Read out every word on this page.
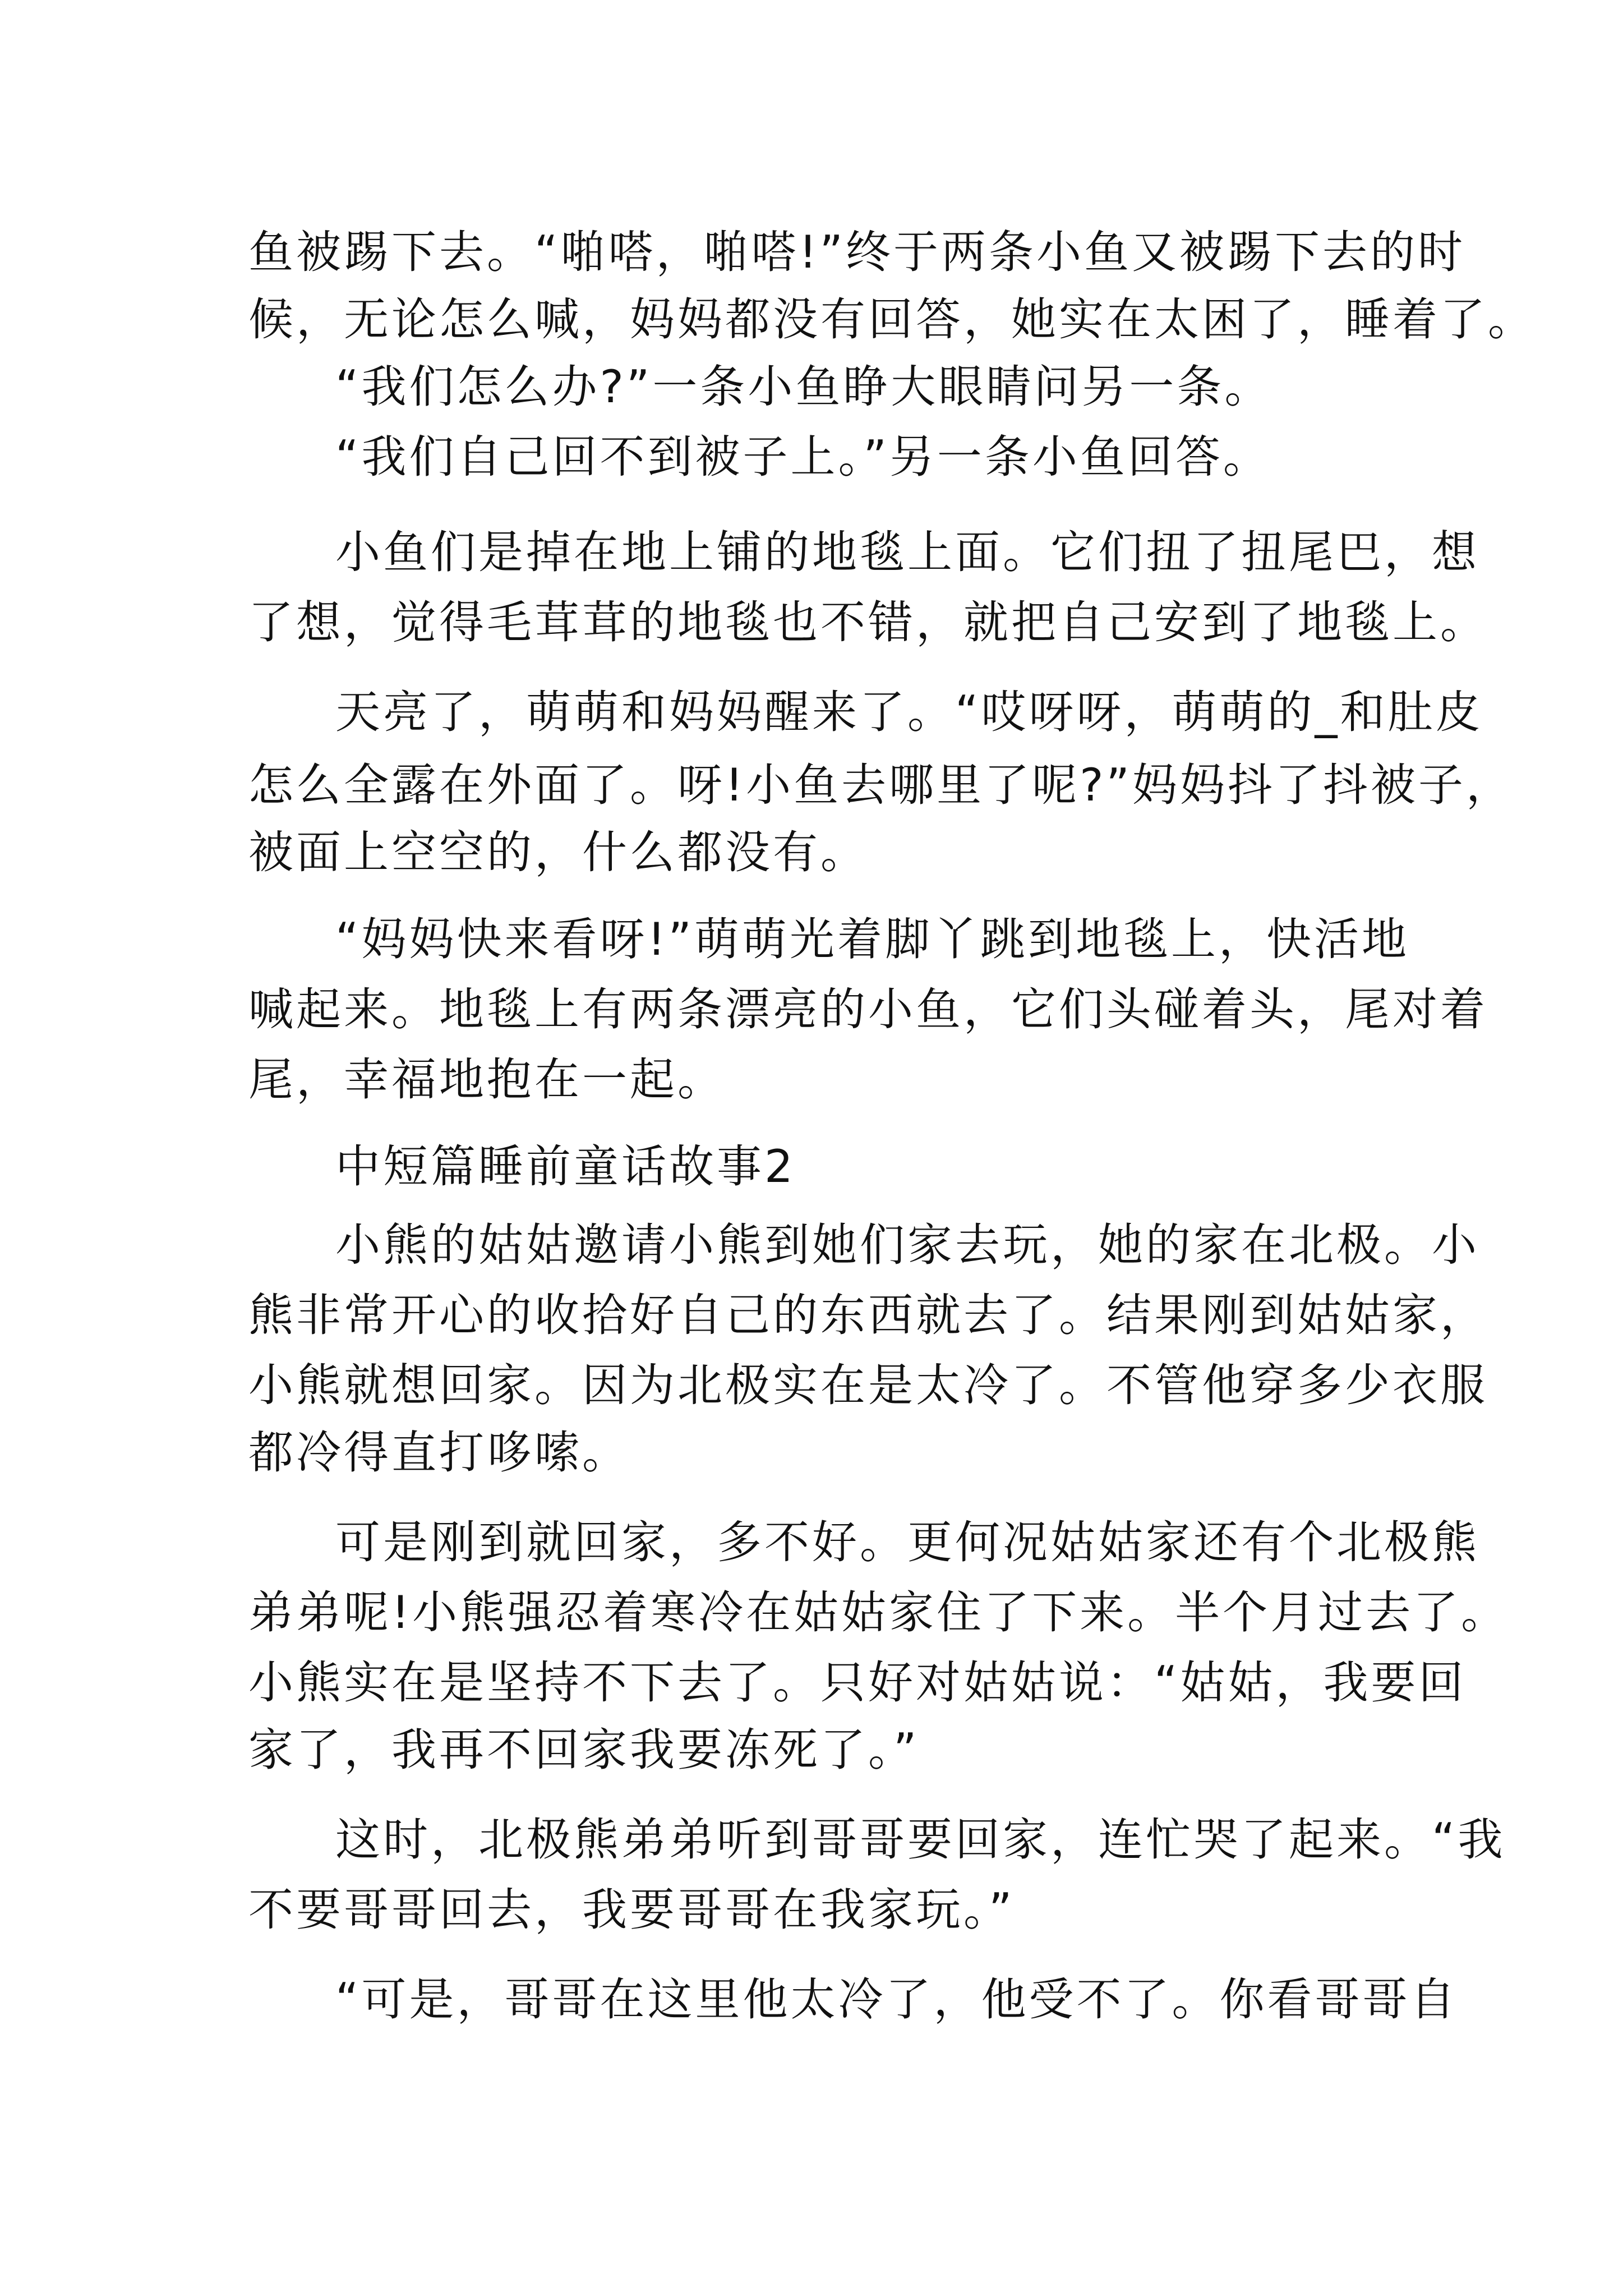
鱼被踢下去。“啪嗒，啪嗒!”终于两条小鱼又被踢下去的时
候，无论怎么喊，妈妈都没有回答，她实在太困了，睡着了。
“我们怎么办?”一条小鱼睁大眼睛问另一条。
“我们自己回不到被子上。”另一条小鱼回答。
小鱼们是掉在地上铺的地毯上面。它们扭了扭尾巴，想
了想，觉得毛茸茸的地毯也不错，就把自己安到了地毯上。
天亮了，萌萌和妈妈醒来了。“哎呀呀，萌萌的_和肚皮
怎么全露在外面了。呀!小鱼去哪里了呢?”妈妈抖了抖被子，
被面上空空的，什么都没有。
“妈妈快来看呀!”萌萌光着脚丫跳到地毯上，快活地
喊起来。地毯上有两条漂亮的小鱼，它们头碰着头，尾对着
尾，幸福地抱在一起。
中短篇睡前童话故事2
小熊的姑姑邀请小熊到她们家去玩，她的家在北极。小
熊非常开心的收拾好自己的东西就去了。结果刚到姑姑家，
小熊就想回家。因为北极实在是太冷了。不管他穿多少衣服
都冷得直打哆嗦。
可是刚到就回家，多不好。更何况姑姑家还有个北极熊
弟弟呢!小熊强忍着寒冷在姑姑家住了下来。半个月过去了。
小熊实在是坚持不下去了。只好对姑姑说：“姑姑，我要回
家了，我再不回家我要冻死了。”
这时，北极熊弟弟听到哥哥要回家，连忙哭了起来。“我
不要哥哥回去，我要哥哥在我家玩。”
“可是，哥哥在这里他太冷了，他受不了。你看哥哥自
